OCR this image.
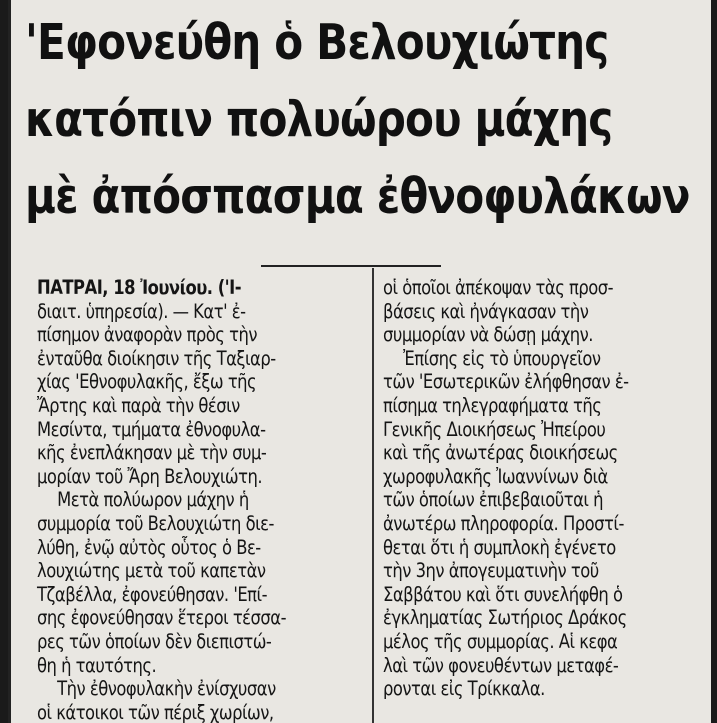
'Εφονεύθη ὁ Βελουχιώτης
κατόπιν πολυώρου μάχης
μὲ ἀπόσπασμα ἐθνοφυλάκων
ΠΑΤΡΑΙ, 18 Ἰουνίου. ('Ι-
διαιτ. ὑπηρεσία). — Κατ' ἐ-
πίσημον ἀναφορὰν πρὸς τὴν
ἐνταῦθα διοίκησιν τῆς Ταξιαρ-
χίας 'Εθνοφυλακῆς, ἔξω τῆς
Ἄρτης καὶ παρὰ τὴν θέσιν
Μεσίντα, τμήματα ἐθνοφυλα-
κῆς ἐνεπλάκησαν μὲ τὴν συμ-
μορίαν τοῦ Ἄρη Βελουχιώτη.
Μετὰ πολύωρον μάχην ἡ
συμμορία τοῦ Βελουχιώτη διε-
λύθη, ἐνῷ αὐτὸς οὗτος ὁ Βε-
λουχιώτης μετὰ τοῦ καπετὰν
Τζαβέλλα, ἐφονεύθησαν. 'Επί-
σης ἐφονεύθησαν ἕτεροι τέσσα-
ρες τῶν ὁποίων δὲν διεπιστώ-
θη ἡ ταυτότης.
Τὴν ἐθνοφυλακὴν ἐνίσχυσαν
οἱ κάτοικοι τῶν πέριξ χωρίων,
οἱ ὁποῖοι ἀπέκοψαν τὰς προσ-
βάσεις καὶ ἠνάγκασαν τὴν
συμμορίαν νὰ δώσῃ μάχην.
Ἐπίσης εἰς τὸ ὑπουργεῖον
τῶν 'Εσωτερικῶν ἐλήφθησαν ἐ-
πίσημα τηλεγραφήματα τῆς
Γενικῆς Διοικήσεως Ἠπείρου
καὶ τῆς ἀνωτέρας διοικήσεως
χωροφυλακῆς Ἰωαννίνων διὰ
τῶν ὁποίων ἐπιβεβαιοῦται ἡ
ἀνωτέρω πληροφορία. Προστί-
θεται ὅτι ἡ συμπλοκὴ ἐγένετο
τὴν 3ην ἀπογευματινὴν τοῦ
Σαββάτου καὶ ὅτι συνελήφθη ὁ
ἐγκληματίας Σωτήριος Δράκος
μέλος τῆς συμμορίας. Αἱ κεφα
λαὶ τῶν φονευθέντων μεταφέ-
ρονται εἰς Τρίκκαλα.
